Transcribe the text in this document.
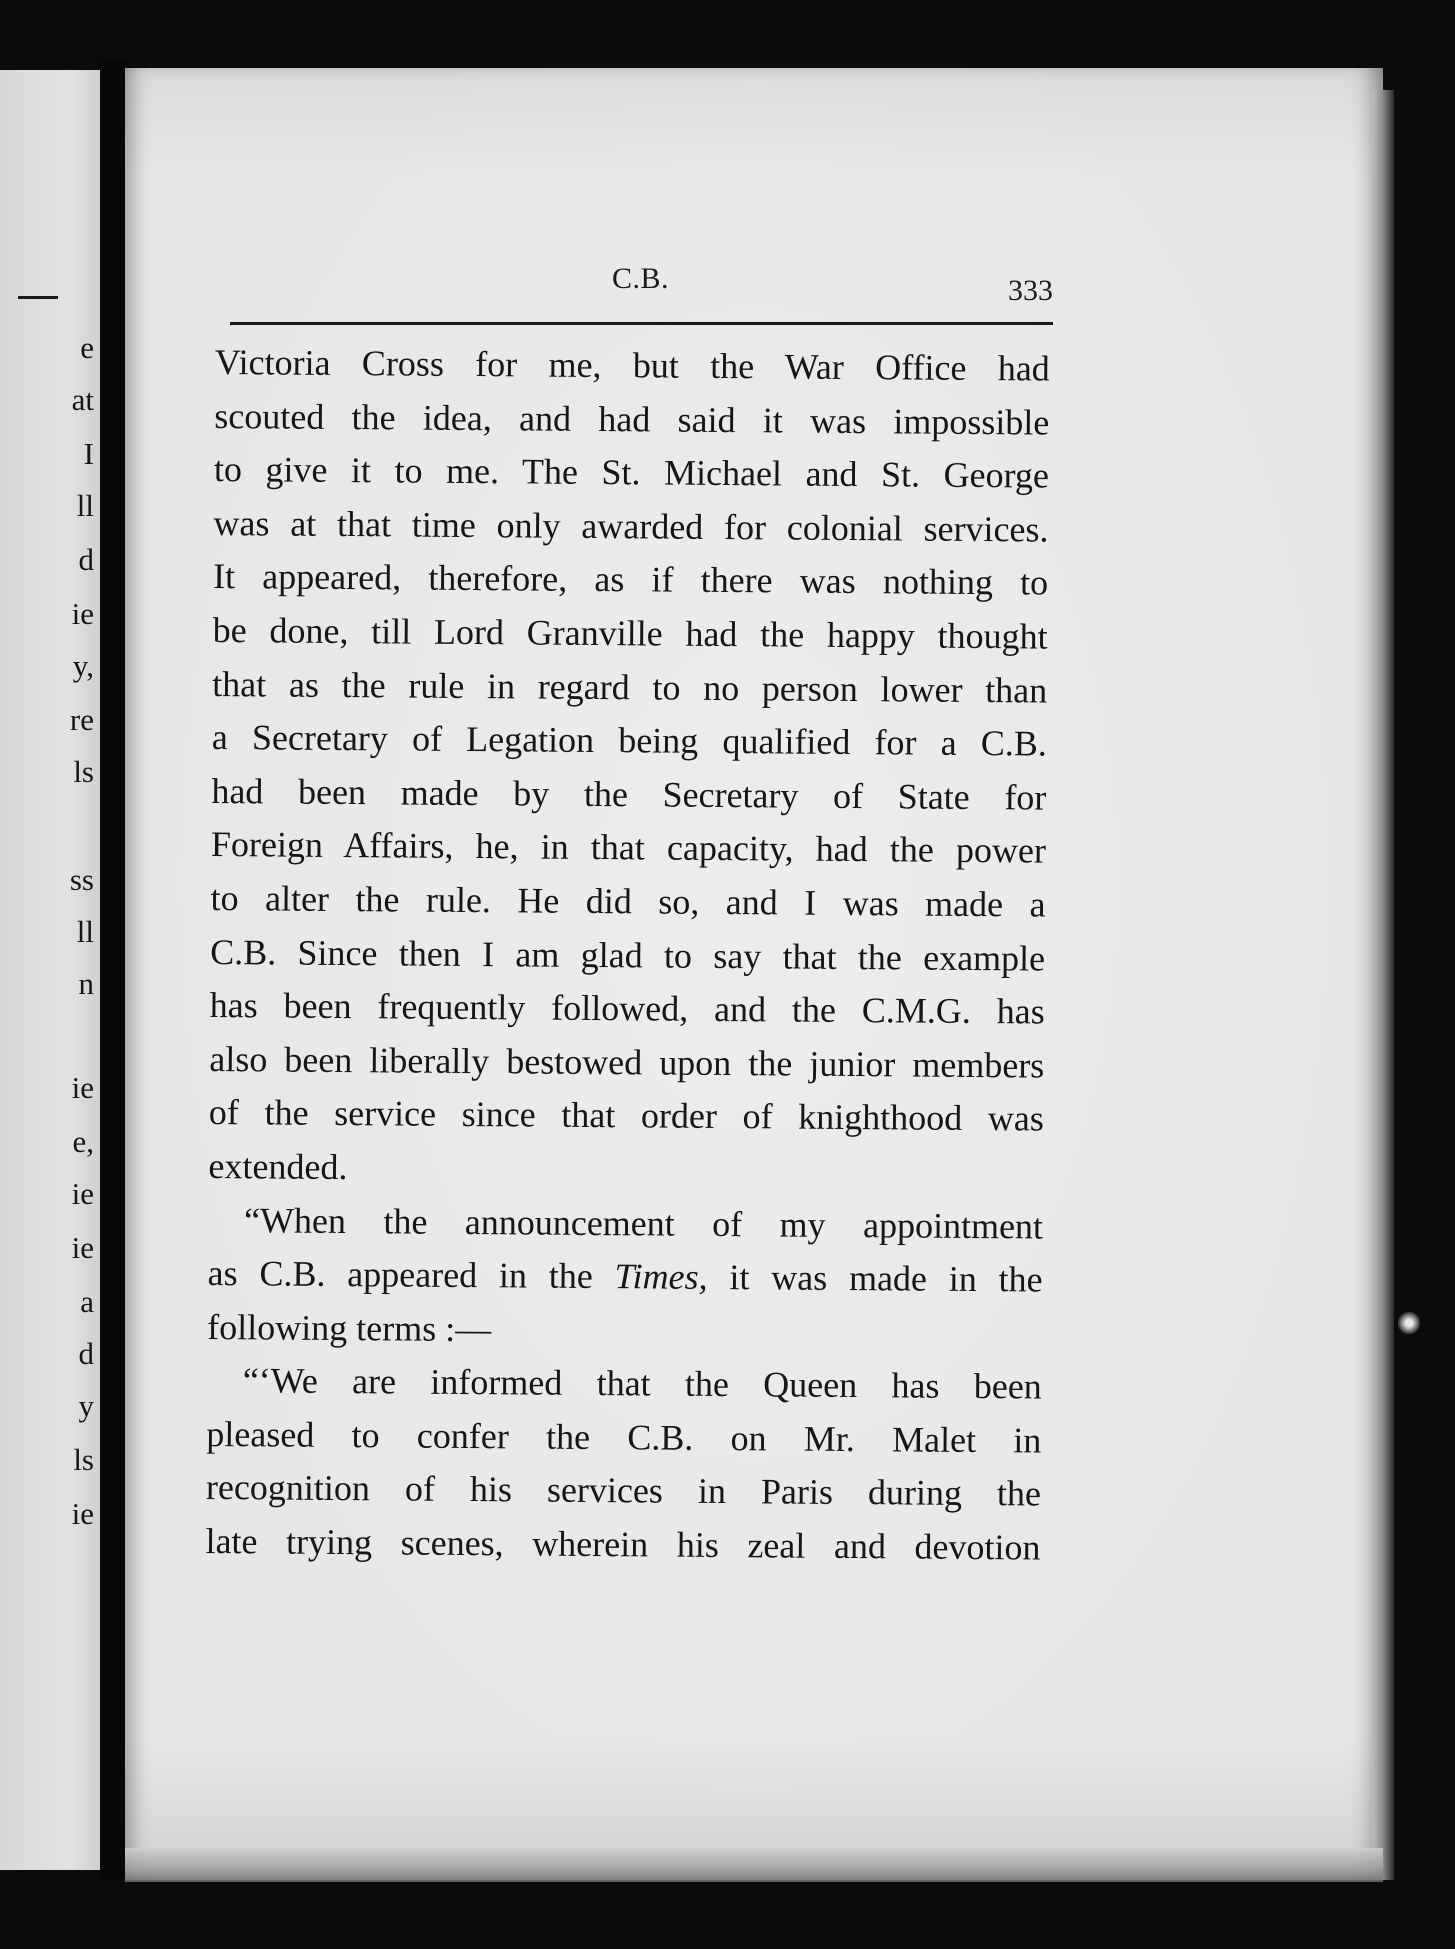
e
at
I
ll
d
ie
y,
re
ls
ss
ll
n
ie
e,
ie
ie
a
d
y
ls
ie
C.B.	333
Victoria Cross for me, but the War Office had
scouted the idea, and had said it was impossible
to give it to me. The St. Michael and St. George
was at that time only awarded for colonial services.
It appeared, therefore, as if there was nothing to
be done, till Lord Granville had the happy thought
that as the rule in regard to no person lower than
a Secretary of Legation being qualified for a C.B.
had been made by the Secretary of State for
Foreign Affairs, he, in that capacity, had the power
to alter the rule. He did so, and I was made a
C.B. Since then I am glad to say that the example
has been frequently followed, and the C.M.G. has
also been liberally bestowed upon the junior members
of the service since that order of knighthood was
extended.
“When the announcement of my appointment
as C.B. appeared in the Times, it was made in the
following terms :—
“‘We are informed that the Queen has been
pleased to confer the C.B. on Mr. Malet in
recognition of his services in Paris during the
late trying scenes, wherein his zeal and devotion
